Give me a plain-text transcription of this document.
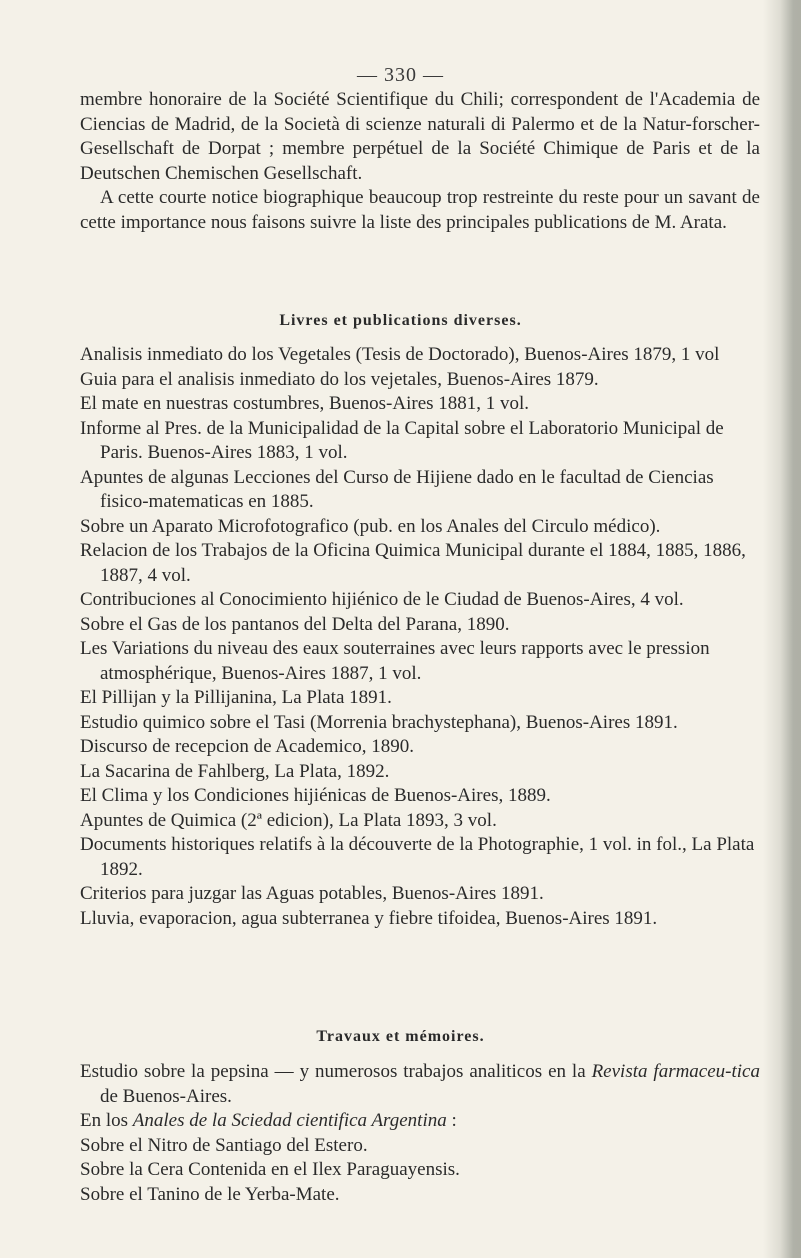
— 330 —

membre honoraire de la Société Scientifique du Chili; correspondent de l'Academia de Ciencias de Madrid, de la Società di scienze naturali di Palermo et de la Natur-forscher-Gesellschaft de Dorpat ; membre perpétuel de la Société Chimique de Paris et de la Deutschen Chemischen Gesellschaft.

A cette courte notice biographique beaucoup trop restreinte du reste pour un savant de cette importance nous faisons suivre la liste des principales publications de M. Arata.

Livres et publications diverses.
Analisis inmediato do los Vegetales (Tesis de Doctorado), Buenos-Aires 1879, 1 vol
Guia para el analisis inmediato do los vejetales, Buenos-Aires 1879.
El mate en nuestras costumbres, Buenos-Aires 1881, 1 vol.
Informe al Pres. de la Municipalidad de la Capital sobre el Laboratorio Municipal de Paris. Buenos-Aires 1883, 1 vol.
Apuntes de algunas Lecciones del Curso de Hijiene dado en le facultad de Ciencias fisico-matematicas en 1885.
Sobre un Aparato Microfotografico (pub. en los Anales del Circulo médico).
Relacion de los Trabajos de la Oficina Quimica Municipal durante el 1884, 1885, 1886, 1887, 4 vol.
Contribuciones al Conocimiento hijiénico de le Ciudad de Buenos-Aires, 4 vol.
Sobre el Gas de los pantanos del Delta del Parana, 1890.
Les Variations du niveau des eaux souterraines avec leurs rapports avec le pression atmosphérique, Buenos-Aires 1887, 1 vol.
El Pillijan y la Pillijanina, La Plata 1891.
Estudio quimico sobre el Tasi (Morrenia brachystephana), Buenos-Aires 1891.
Discurso de recepcion de Academico, 1890.
La Sacarina de Fahlberg, La Plata, 1892.
El Clima y los Condiciones hijiénicas de Buenos-Aires, 1889.
Apuntes de Quimica (2ª edicion), La Plata 1893, 3 vol.
Documents historiques relatifs à la découverte de la Photographie, 1 vol. in fol., La Plata 1892.
Criterios para juzgar las Aguas potables, Buenos-Aires 1891.
Lluvia, evaporacion, agua subterranea y fiebre tifoidea, Buenos-Aires 1891.
Travaux et mémoires.

Estudio sobre la pepsina — y numerosos trabajos analiticos en la Revista farmaceu-tica de Buenos-Aires.

En los Anales de la Sciedad cientifica Argentina :

Sobre el Nitro de Santiago del Estero.

Sobre la Cera Contenida en el Ilex Paraguayensis.

Sobre el Tanino de le Yerba-Mate.
